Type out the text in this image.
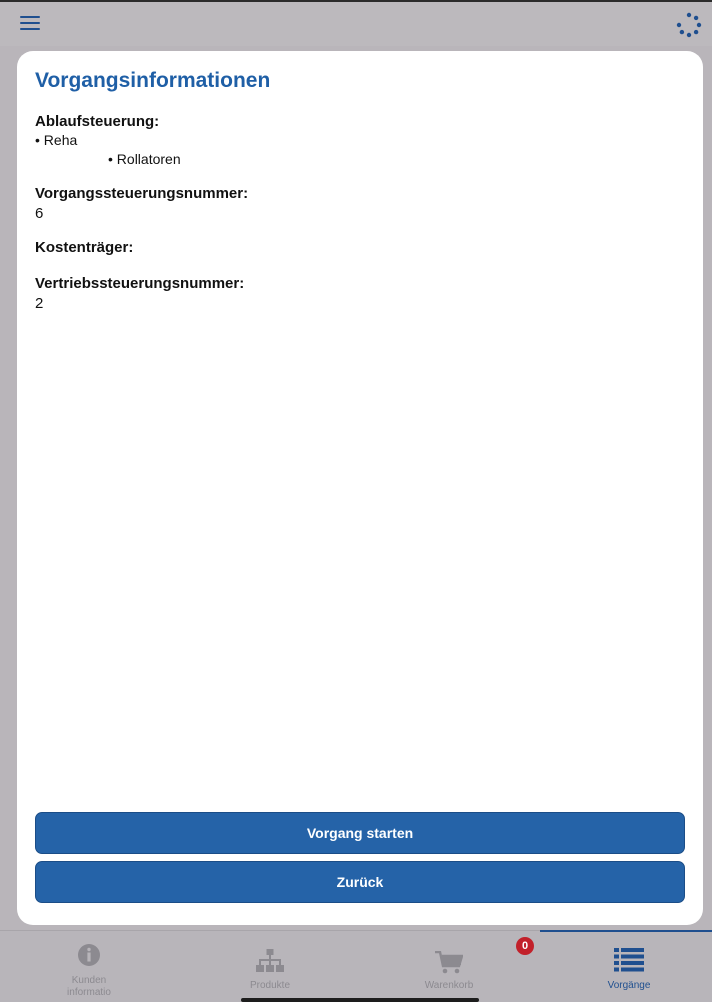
Vorgangsinformationen
Ablaufsteuerung:
• Reha
• Rollatoren
Vorgangssteuerungsnummer:
6
Kostenträger:
Vertriebssteuerungsnummer:
2
Vorgang starten
Zurück
Kunden
informatio
Produkte	Warenkorb	Vorgänge
0
